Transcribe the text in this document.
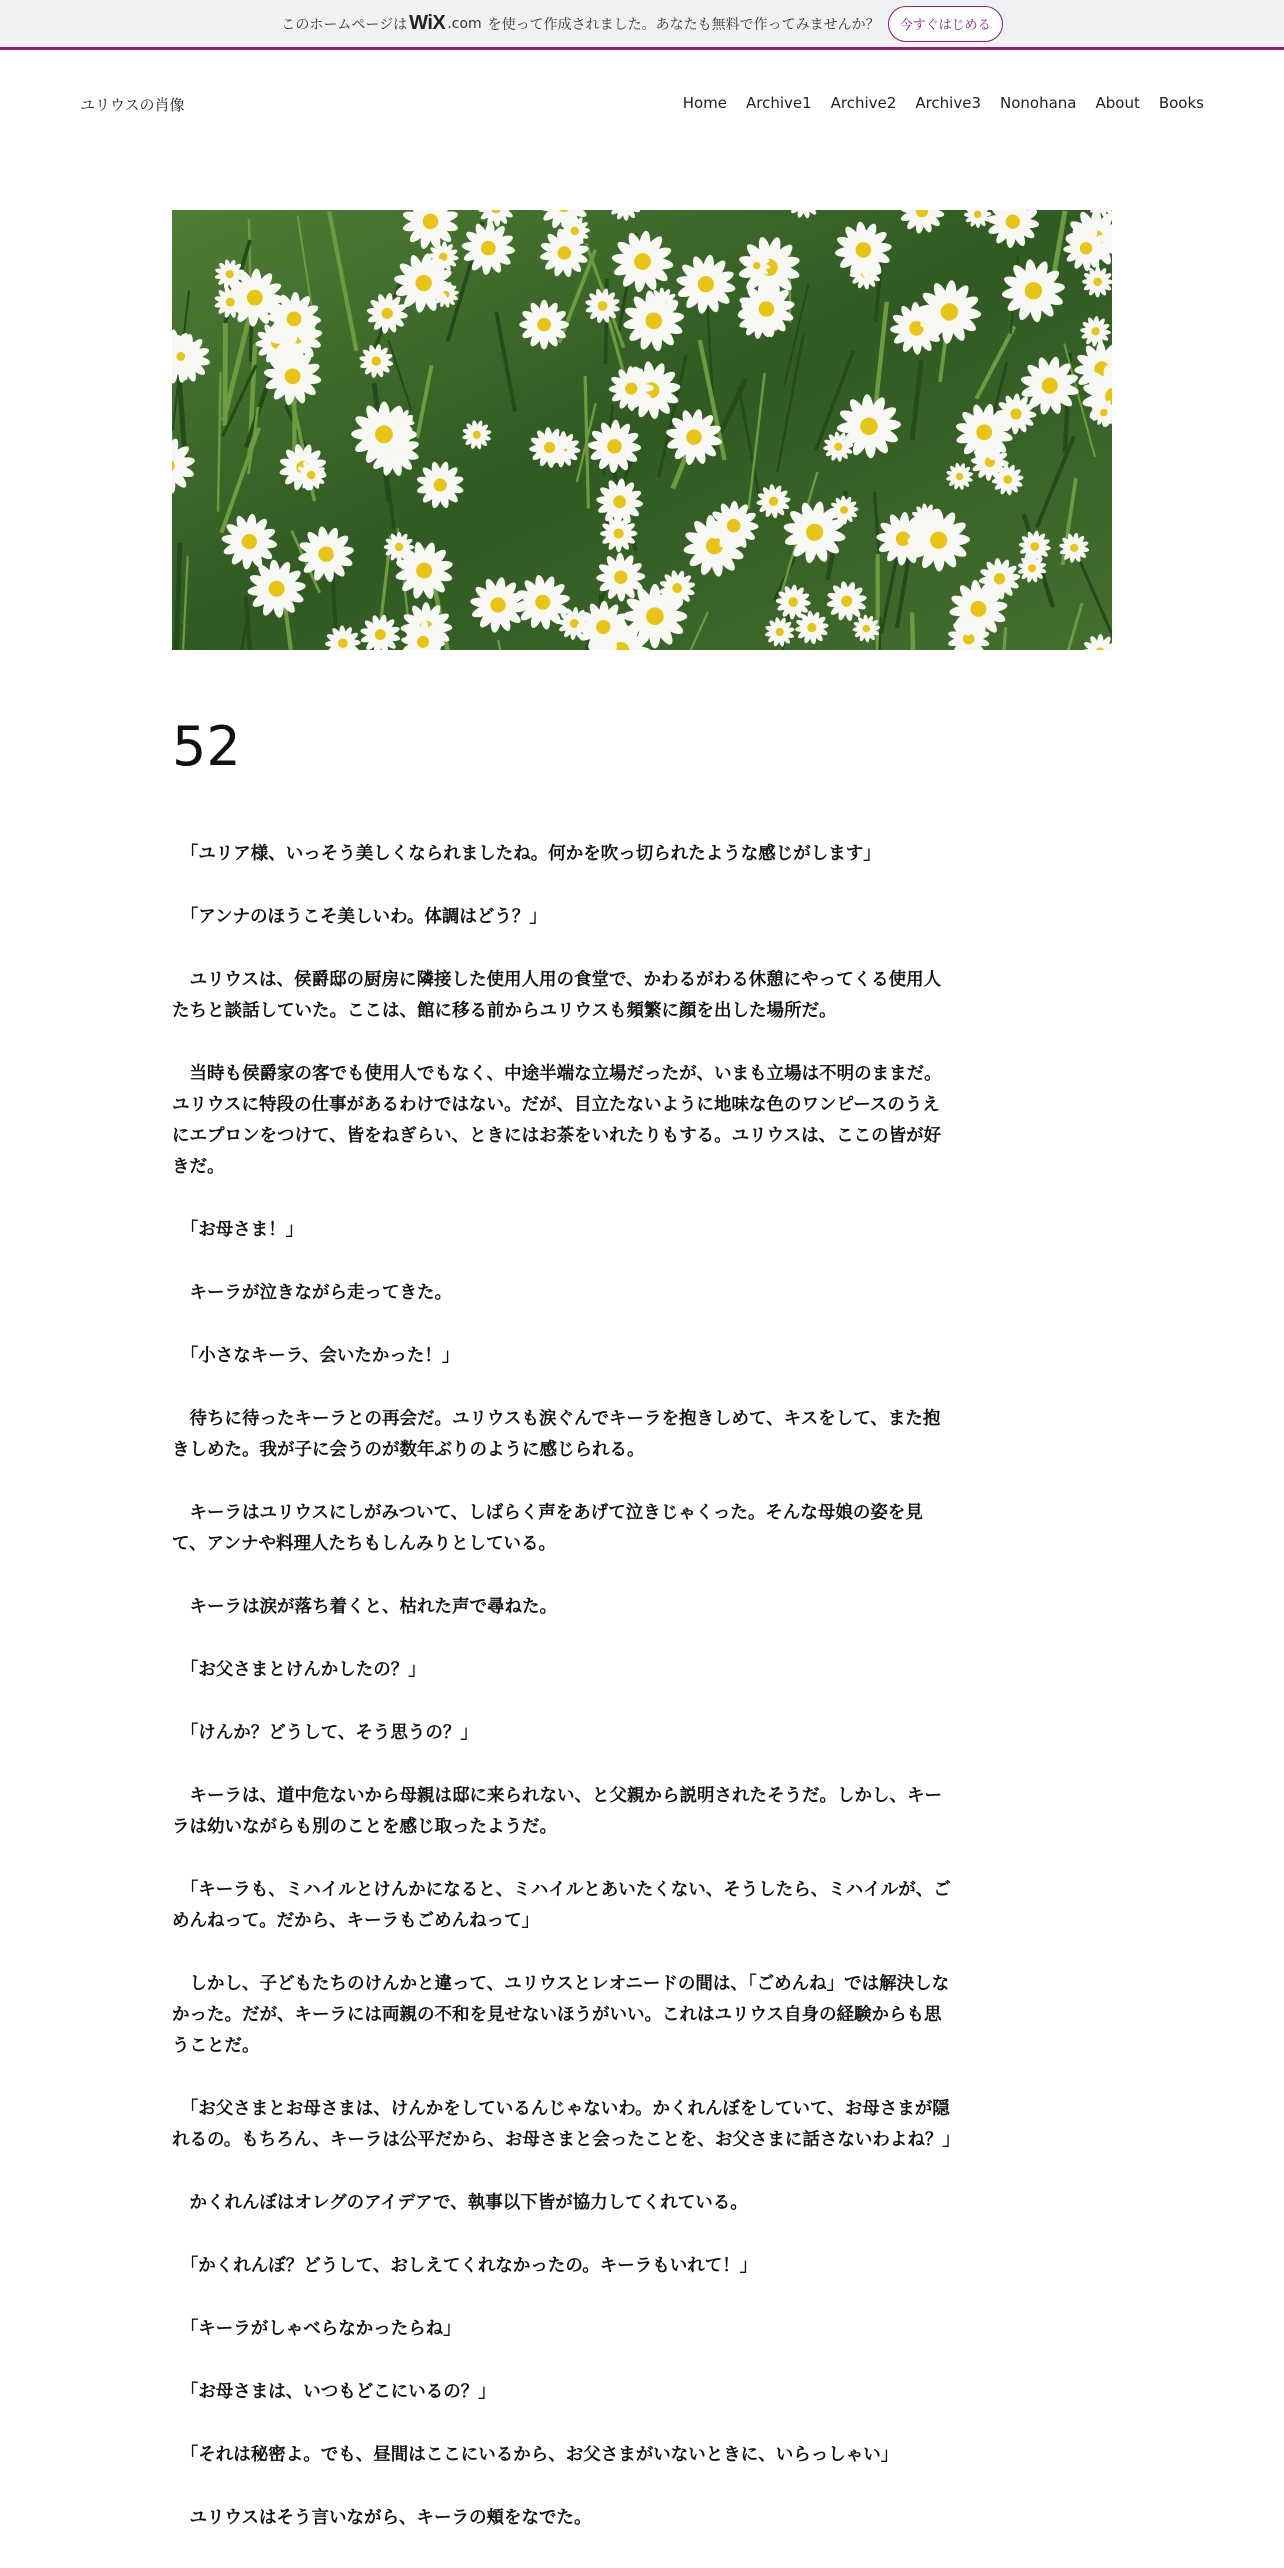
このホームページは WiX .com を使って作成されました。あなたも無料で作ってみませんか？	今すぐはじめる
ユリウスの肖像	Home Archive1 Archive2 Archive3 Nonohana About Books
52

　「ユリア様、いっそう美しくなられましたね。何かを吹っ切られたような感じがします」

　「アンナのほうこそ美しいわ。体調はどう？」

　ユリウスは、侯爵邸の厨房に隣接した使用人用の食堂で、かわるがわる休憩にやってくる使用人たちと談話していた。ここは、館に移る前からユリウスも頻繁に顔を出した場所だ。

　当時も侯爵家の客でも使用人でもなく、中途半端な立場だったが、いまも立場は不明のままだ。ユリウスに特段の仕事があるわけではない。だが、目立たないように地味な色のワンピースのうえにエプロンをつけて、皆をねぎらい、ときにはお茶をいれたりもする。ユリウスは、ここの皆が好きだ。

　「お母さま！」

　キーラが泣きながら走ってきた。

　「小さなキーラ、会いたかった！」

　待ちに待ったキーラとの再会だ。ユリウスも涙ぐんでキーラを抱きしめて、キスをして、また抱きしめた。我が子に会うのが数年ぶりのように感じられる。

　キーラはユリウスにしがみついて、しばらく声をあげて泣きじゃくった。そんな母娘の姿を見て、アンナや料理人たちもしんみりとしている。

　キーラは涙が落ち着くと、枯れた声で尋ねた。

　「お父さまとけんかしたの？」

　「けんか？どうして、そう思うの？」

　キーラは、道中危ないから母親は邸に来られない、と父親から説明されたそうだ。しかし、キーラは幼いながらも別のことを感じ取ったようだ。

　「キーラも、ミハイルとけんかになると、ミハイルとあいたくない、そうしたら、ミハイルが、ごめんねって。だから、キーラもごめんねって」

　しかし、子どもたちのけんかと違って、ユリウスとレオニードの間は、「ごめんね」では解決しなかった。だが、キーラには両親の不和を見せないほうがいい。これはユリウス自身の経験からも思うことだ。

　「お父さまとお母さまは、けんかをしているんじゃないわ。かくれんぼをしていて、お母さまが隠れるの。もちろん、キーラは公平だから、お母さまと会ったことを、お父さまに話さないわよね？」

　かくれんぼはオレグのアイデアで、執事以下皆が協力してくれている。

　「かくれんぼ？どうして、おしえてくれなかったの。キーラもいれて！」

　「キーラがしゃべらなかったらね」

　「お母さまは、いつもどこにいるの？」

　「それは秘密よ。でも、昼間はここにいるから、お父さまがいないときに、いらっしゃい」

　ユリウスはそう言いながら、キーラの頬をなでた。
